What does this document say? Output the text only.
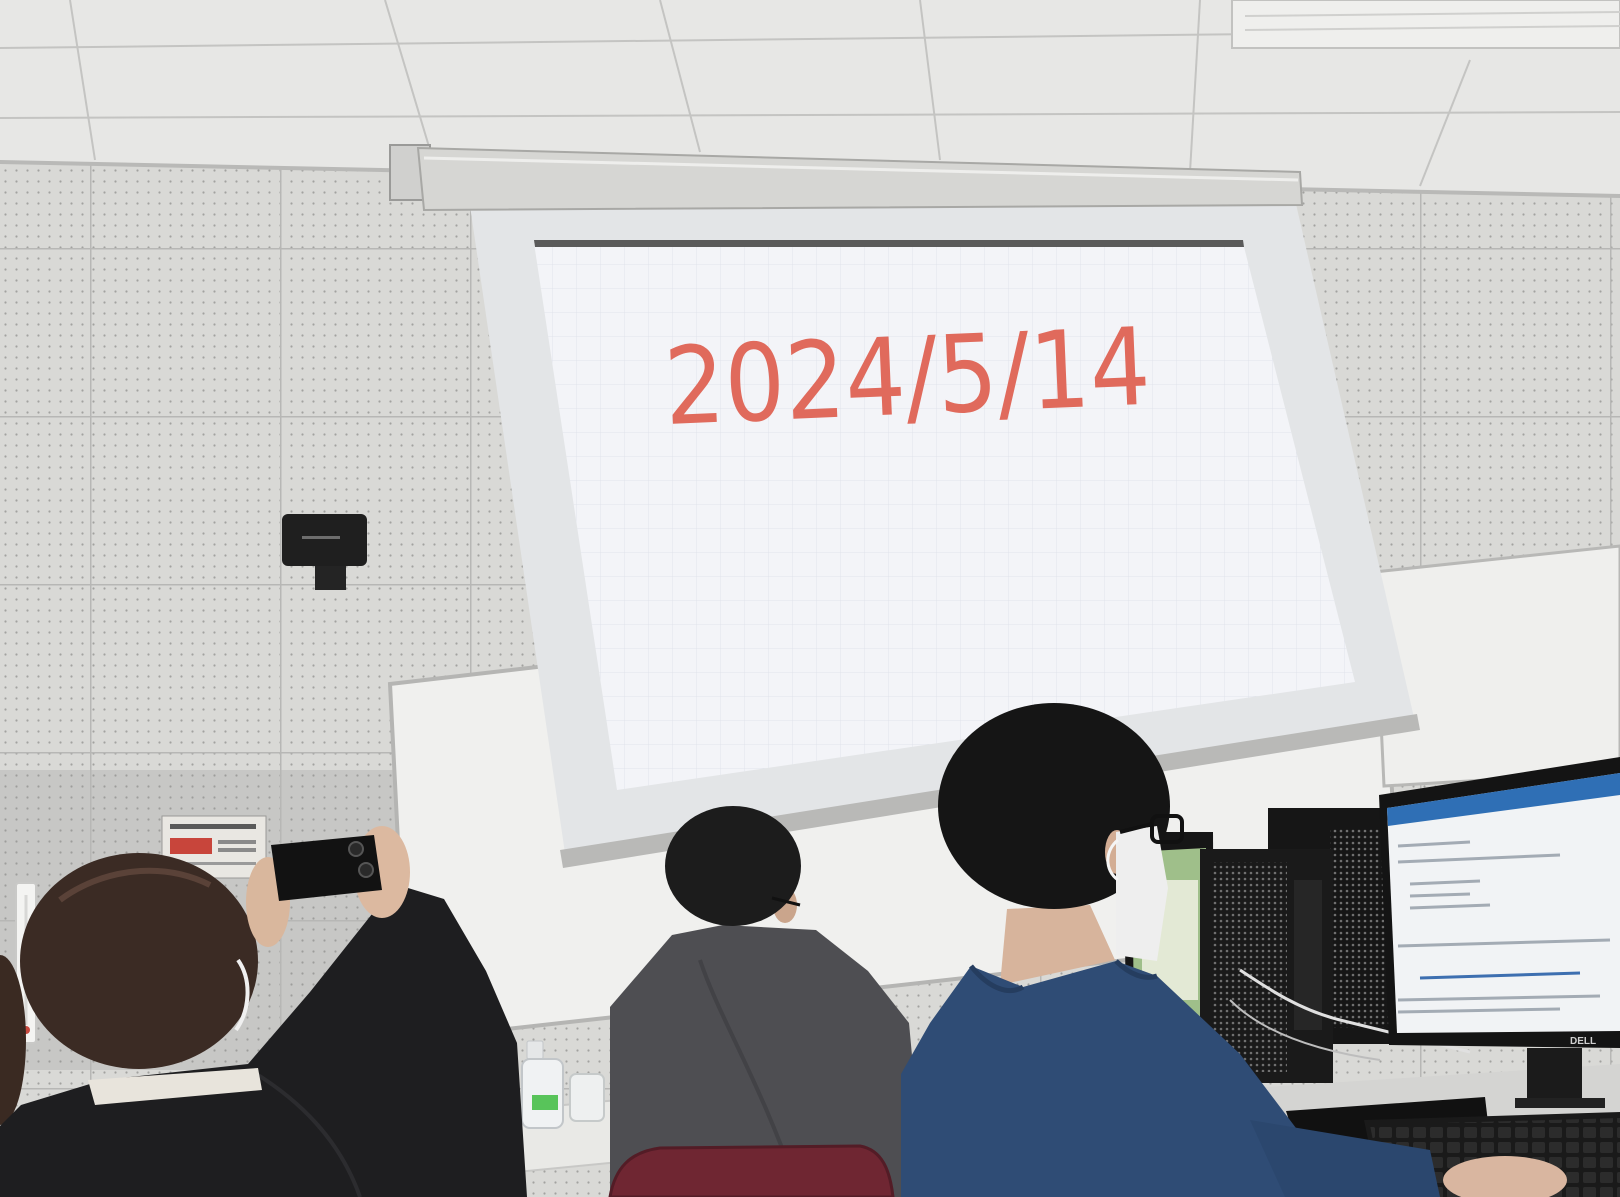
2024/5/14
DELL
